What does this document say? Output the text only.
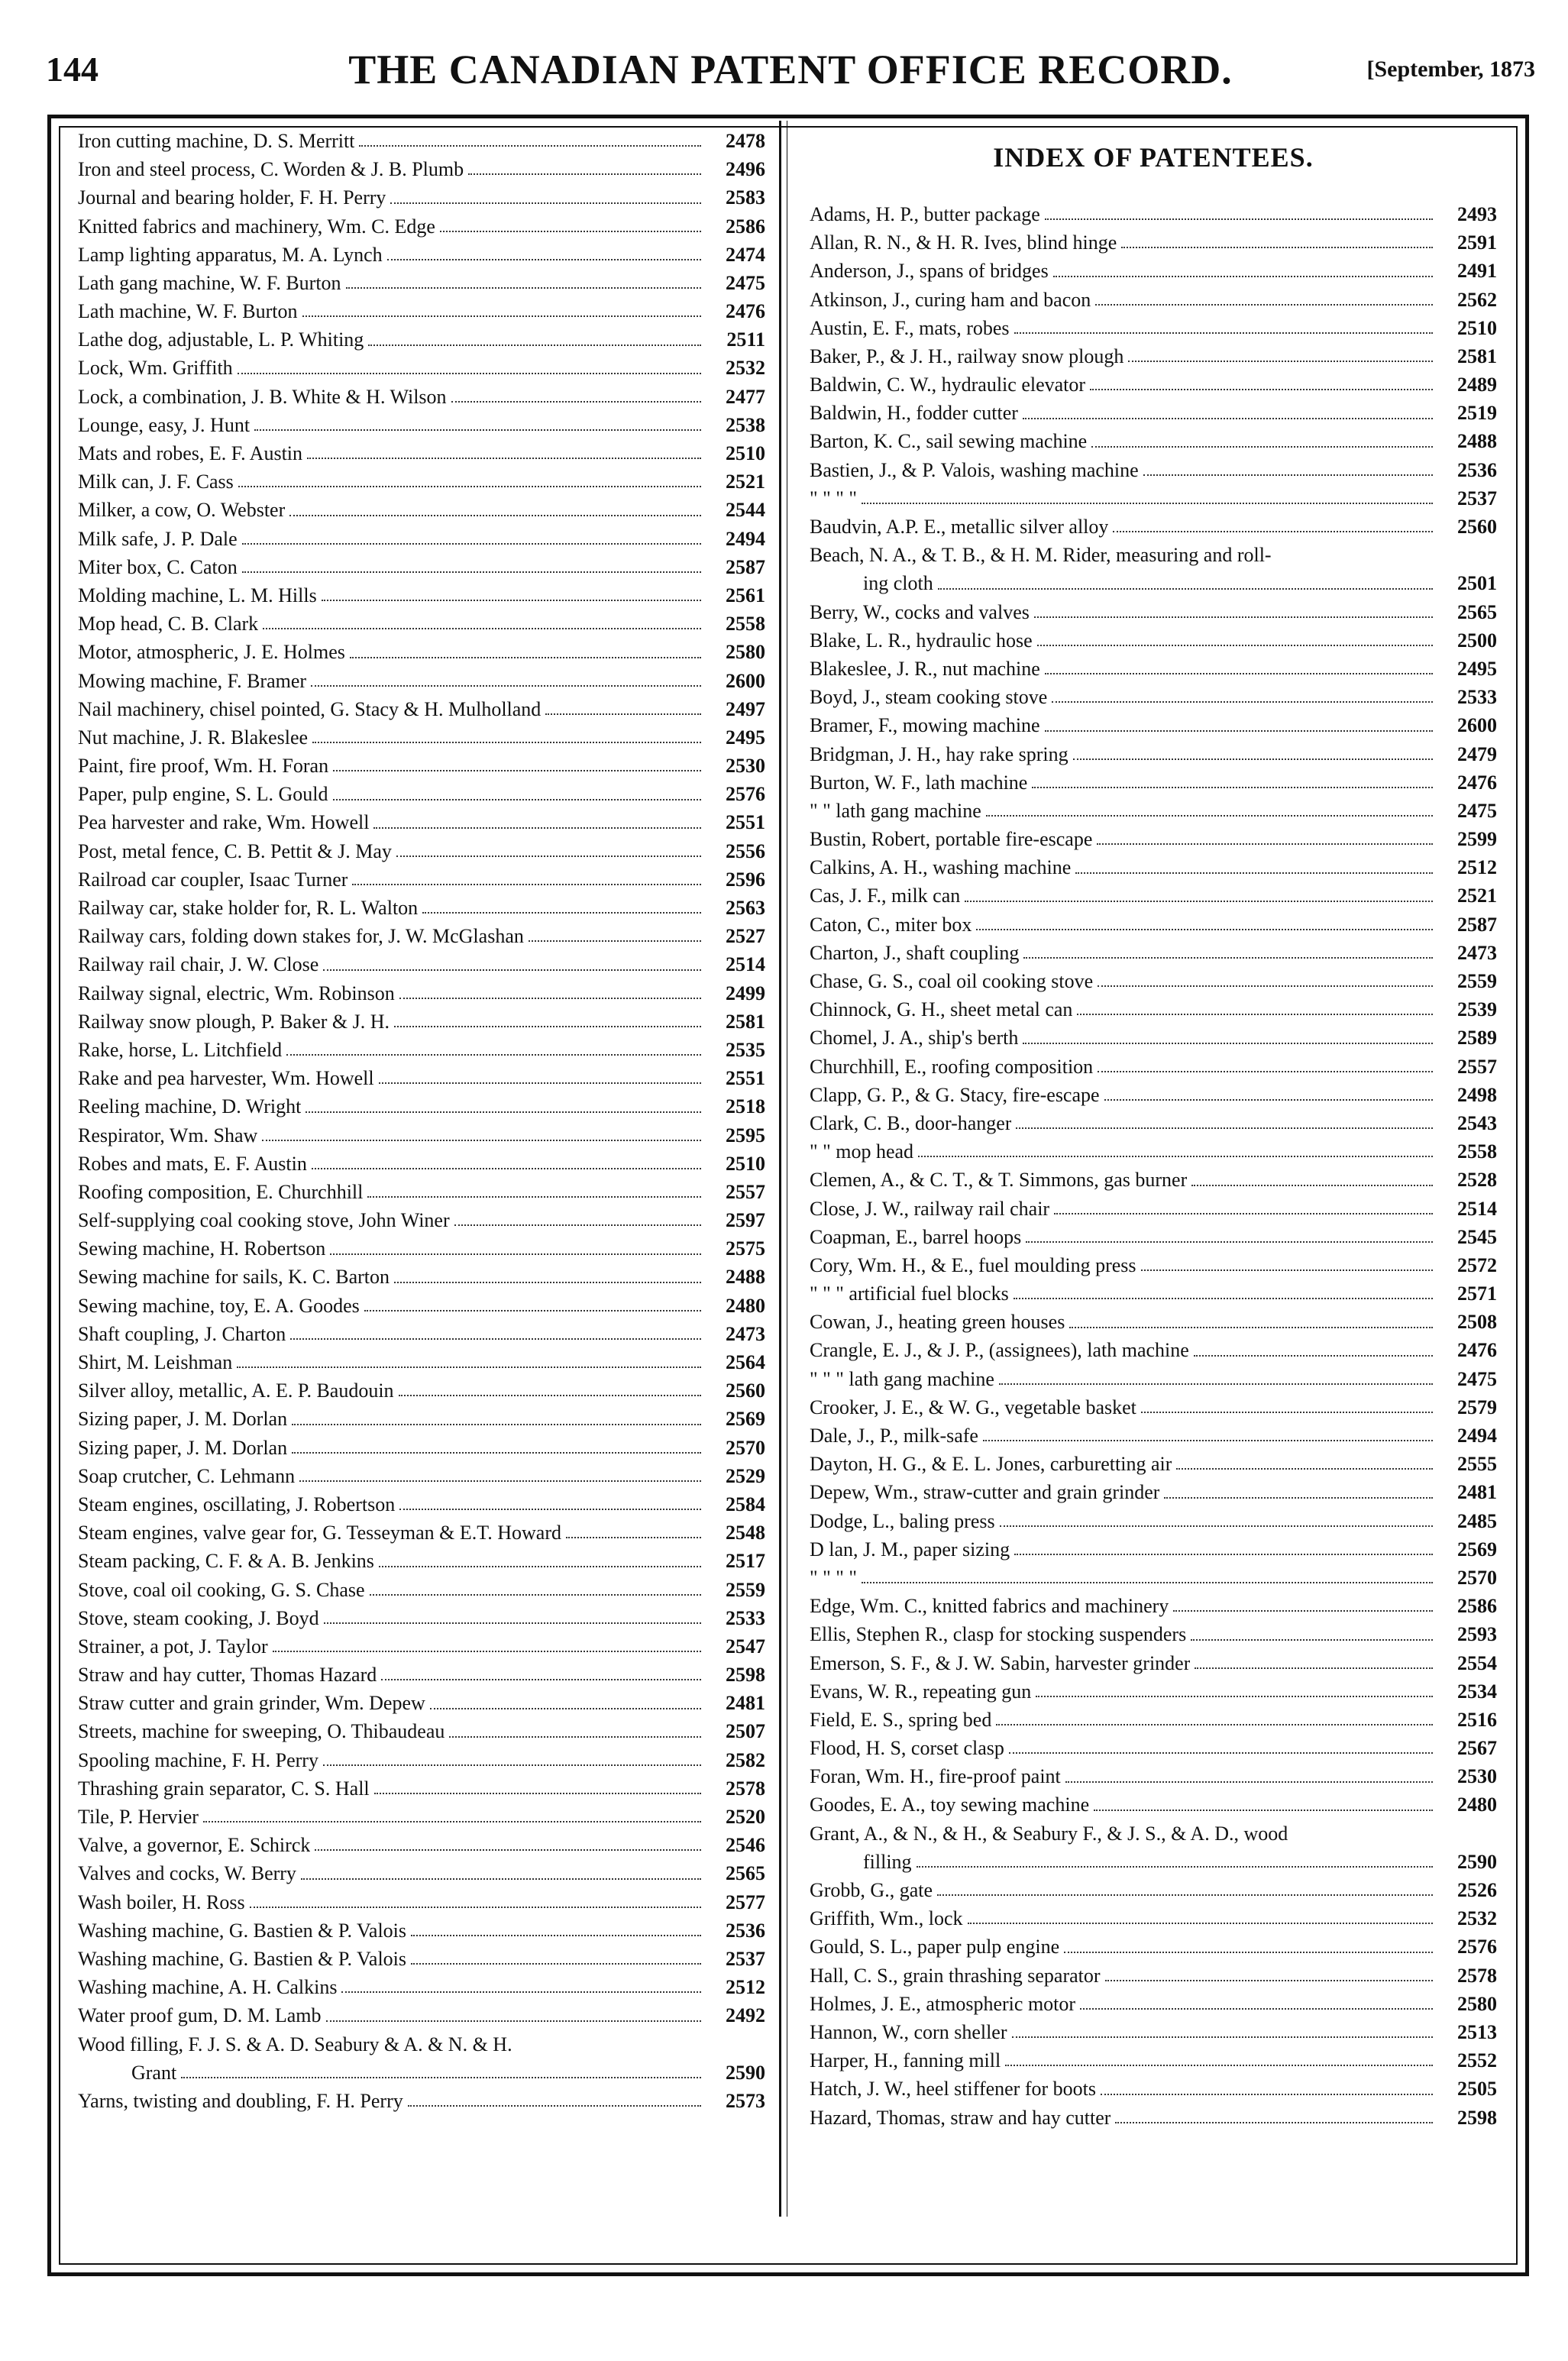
144	THE CANADIAN PATENT OFFICE RECORD.	[September, 1873
Iron cutting machine, D. S. Merritt	2478
Iron and steel process, C. Worden & J. B. Plumb	2496
Journal and bearing holder, F. H. Perry	2583
Knitted fabrics and machinery, Wm. C. Edge	2586
Lamp lighting apparatus, M. A. Lynch	2474
Lath gang machine, W. F. Burton	2475
Lath machine, W. F. Burton	2476
Lathe dog, adjustable, L. P. Whiting	2511
Lock, Wm. Griffith	2532
Lock, a combination, J. B. White & H. Wilson	2477
Lounge, easy, J. Hunt	2538
Mats and robes, E. F. Austin	2510
Milk can, J. F. Cass	2521
Milker, a cow, O. Webster	2544
Milk safe, J. P. Dale	2494
Miter box, C. Caton	2587
Molding machine, L. M. Hills	2561
Mop head, C. B. Clark	2558
Motor, atmospheric, J. E. Holmes	2580
Mowing machine, F. Bramer	2600
Nail machinery, chisel pointed, G. Stacy & H. Mulholland	2497
Nut machine, J. R. Blakeslee	2495
Paint, fire proof, Wm. H. Foran	2530
Paper, pulp engine, S. L. Gould	2576
Pea harvester and rake, Wm. Howell	2551
Post, metal fence, C. B. Pettit & J. May	2556
Railroad car coupler, Isaac Turner	2596
Railway car, stake holder for, R. L. Walton	2563
Railway cars, folding down stakes for, J. W. McGlashan	2527
Railway rail chair, J. W. Close	2514
Railway signal, electric, Wm. Robinson	2499
Railway snow plough, P. Baker & J. H.	2581
Rake, horse, L. Litchfield	2535
Rake and pea harvester, Wm. Howell	2551
Reeling machine, D. Wright	2518
Respirator, Wm. Shaw	2595
Robes and mats, E. F. Austin	2510
Roofing composition, E. Churchhill	2557
Self-supplying coal cooking stove, John Winer	2597
Sewing machine, H. Robertson	2575
Sewing machine for sails, K. C. Barton	2488
Sewing machine, toy, E. A. Goodes	2480
Shaft coupling, J. Charton	2473
Shirt, M. Leishman	2564
Silver alloy, metallic, A. E. P. Baudouin	2560
Sizing paper, J. M. Dorlan	2569
Sizing paper, J. M. Dorlan	2570
Soap crutcher, C. Lehmann	2529
Steam engines, oscillating, J. Robertson	2584
Steam engines, valve gear for, G. Tesseyman & E.T. Howard	2548
Steam packing, C. F. & A. B. Jenkins	2517
Stove, coal oil cooking, G. S. Chase	2559
Stove, steam cooking, J. Boyd	2533
Strainer, a pot, J. Taylor	2547
Straw and hay cutter, Thomas Hazard	2598
Straw cutter and grain grinder, Wm. Depew	2481
Streets, machine for sweeping, O. Thibaudeau	2507
Spooling machine, F. H. Perry	2582
Thrashing grain separator, C. S. Hall	2578
Tile, P. Hervier	2520
Valve, a governor, E. Schirck	2546
Valves and cocks, W. Berry	2565
Wash boiler, H. Ross	2577
Washing machine, G. Bastien & P. Valois	2536
Washing machine, G. Bastien & P. Valois	2537
Washing machine, A. H. Calkins	2512
Water proof gum, D. M. Lamb	2492
Wood filling, F. J. S. & A. D. Seabury & A. & N. & H.
Grant	2590
Yarns, twisting and doubling, F. H. Perry	2573
INDEX OF PATENTEES.
Adams, H. P., butter package	2493
Allan, R. N., & H. R. Ives, blind hinge	2591
Anderson, J., spans of bridges	2491
Atkinson, J., curing ham and bacon	2562
Austin, E. F., mats, robes	2510
Baker, P., & J. H., railway snow plough	2581
Baldwin, C. W., hydraulic elevator	2489
Baldwin, H., fodder cutter	2519
Barton, K. C., sail sewing machine	2488
Bastien, J., & P. Valois, washing machine	2536
" " " "	2537
Baudvin, A.P. E., metallic silver alloy	2560
Beach, N. A., & T. B., & H. M. Rider, measuring and roll-
ing cloth	2501
Berry, W., cocks and valves	2565
Blake, L. R., hydraulic hose	2500
Blakeslee, J. R., nut machine	2495
Boyd, J., steam cooking stove	2533
Bramer, F., mowing machine	2600
Bridgman, J. H., hay rake spring	2479
Burton, W. F., lath machine	2476
" " lath gang machine	2475
Bustin, Robert, portable fire-escape	2599
Calkins, A. H., washing machine	2512
Cas, J. F., milk can	2521
Caton, C., miter box	2587
Charton, J., shaft coupling	2473
Chase, G. S., coal oil cooking stove	2559
Chinnock, G. H., sheet metal can	2539
Chomel, J. A., ship's berth	2589
Churchhill, E., roofing composition	2557
Clapp, G. P., & G. Stacy, fire-escape	2498
Clark, C. B., door-hanger	2543
" " mop head	2558
Clemen, A., & C. T., & T. Simmons, gas burner	2528
Close, J. W., railway rail chair	2514
Coapman, E., barrel hoops	2545
Cory, Wm. H., & E., fuel moulding press	2572
" " " artificial fuel blocks	2571
Cowan, J., heating green houses	2508
Crangle, E. J., & J. P., (assignees), lath machine	2476
" " " lath gang machine	2475
Crooker, J. E., & W. G., vegetable basket	2579
Dale, J., P., milk-safe	2494
Dayton, H. G., & E. L. Jones, carburetting air	2555
Depew, Wm., straw-cutter and grain grinder	2481
Dodge, L., baling press	2485
D lan, J. M., paper sizing	2569
" " " "	2570
Edge, Wm. C., knitted fabrics and machinery	2586
Ellis, Stephen R., clasp for stocking suspenders	2593
Emerson, S. F., & J. W. Sabin, harvester grinder	2554
Evans, W. R., repeating gun	2534
Field, E. S., spring bed	2516
Flood, H. S, corset clasp	2567
Foran, Wm. H., fire-proof paint	2530
Goodes, E. A., toy sewing machine	2480
Grant, A., & N., & H., & Seabury F., & J. S., & A. D., wood
filling	2590
Grobb, G., gate	2526
Griffith, Wm., lock	2532
Gould, S. L., paper pulp engine	2576
Hall, C. S., grain thrashing separator	2578
Holmes, J. E., atmospheric motor	2580
Hannon, W., corn sheller	2513
Harper, H., fanning mill	2552
Hatch, J. W., heel stiffener for boots	2505
Hazard, Thomas, straw and hay cutter	2598
